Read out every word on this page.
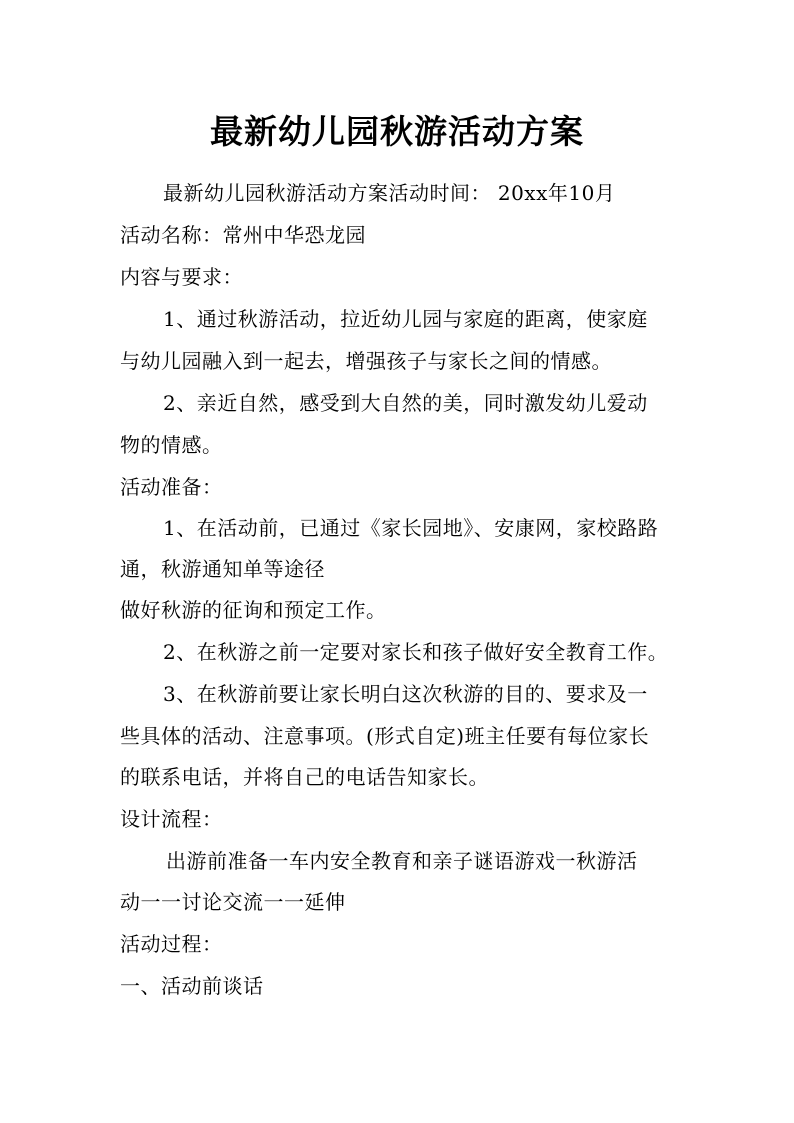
最新幼儿园秋游活动方案
最新幼儿园秋游活动方案活动时间： 20xx年10月
活动名称：常州中华恐龙园
内容与要求：
1、通过秋游活动，拉近幼儿园与家庭的距离，使家庭
与幼儿园融入到一起去，增强孩子与家长之间的情感。
2、亲近自然，感受到大自然的美，同时激发幼儿爱动
物的情感。
活动准备：
1、在活动前，已通过《家长园地》、安康网，家校路路
通，秋游通知单等途径
做好秋游的征询和预定工作。
2、在秋游之前一定要对家长和孩子做好安全教育工作。
3、在秋游前要让家长明白这次秋游的目的、要求及一
些具体的活动、注意事项。(形式自定)班主任要有每位家长
的联系电话，并将自己的电话告知家长。
设计流程：
出游前准备一车内安全教育和亲子谜语游戏一秋游活
动一一讨论交流一一延伸
活动过程：
一、活动前谈话
